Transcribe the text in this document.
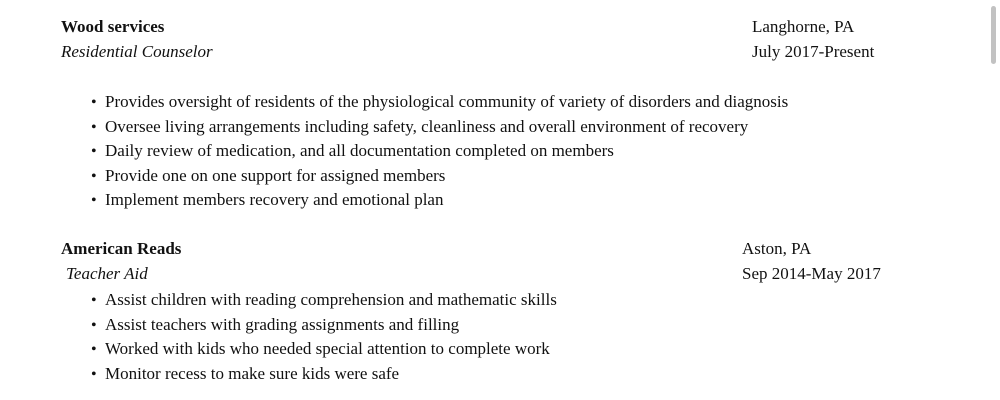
Wood services
Residential Counselor
Langhorne, PA
July 2017-Present
• Provides oversight of residents of the physiological community of variety of disorders and diagnosis
• Oversee living arrangements including safety, cleanliness and overall environment of recovery
• Daily review of medication, and all documentation completed on members
• Provide one on one support for assigned members
• Implement members recovery and emotional plan
American Reads
Teacher Aid
Aston, PA
Sep 2014-May 2017
• Assist children with reading comprehension and mathematic skills
• Assist teachers with grading assignments and filling
• Worked with kids who needed special attention to complete work
• Monitor recess to make sure kids were safe
